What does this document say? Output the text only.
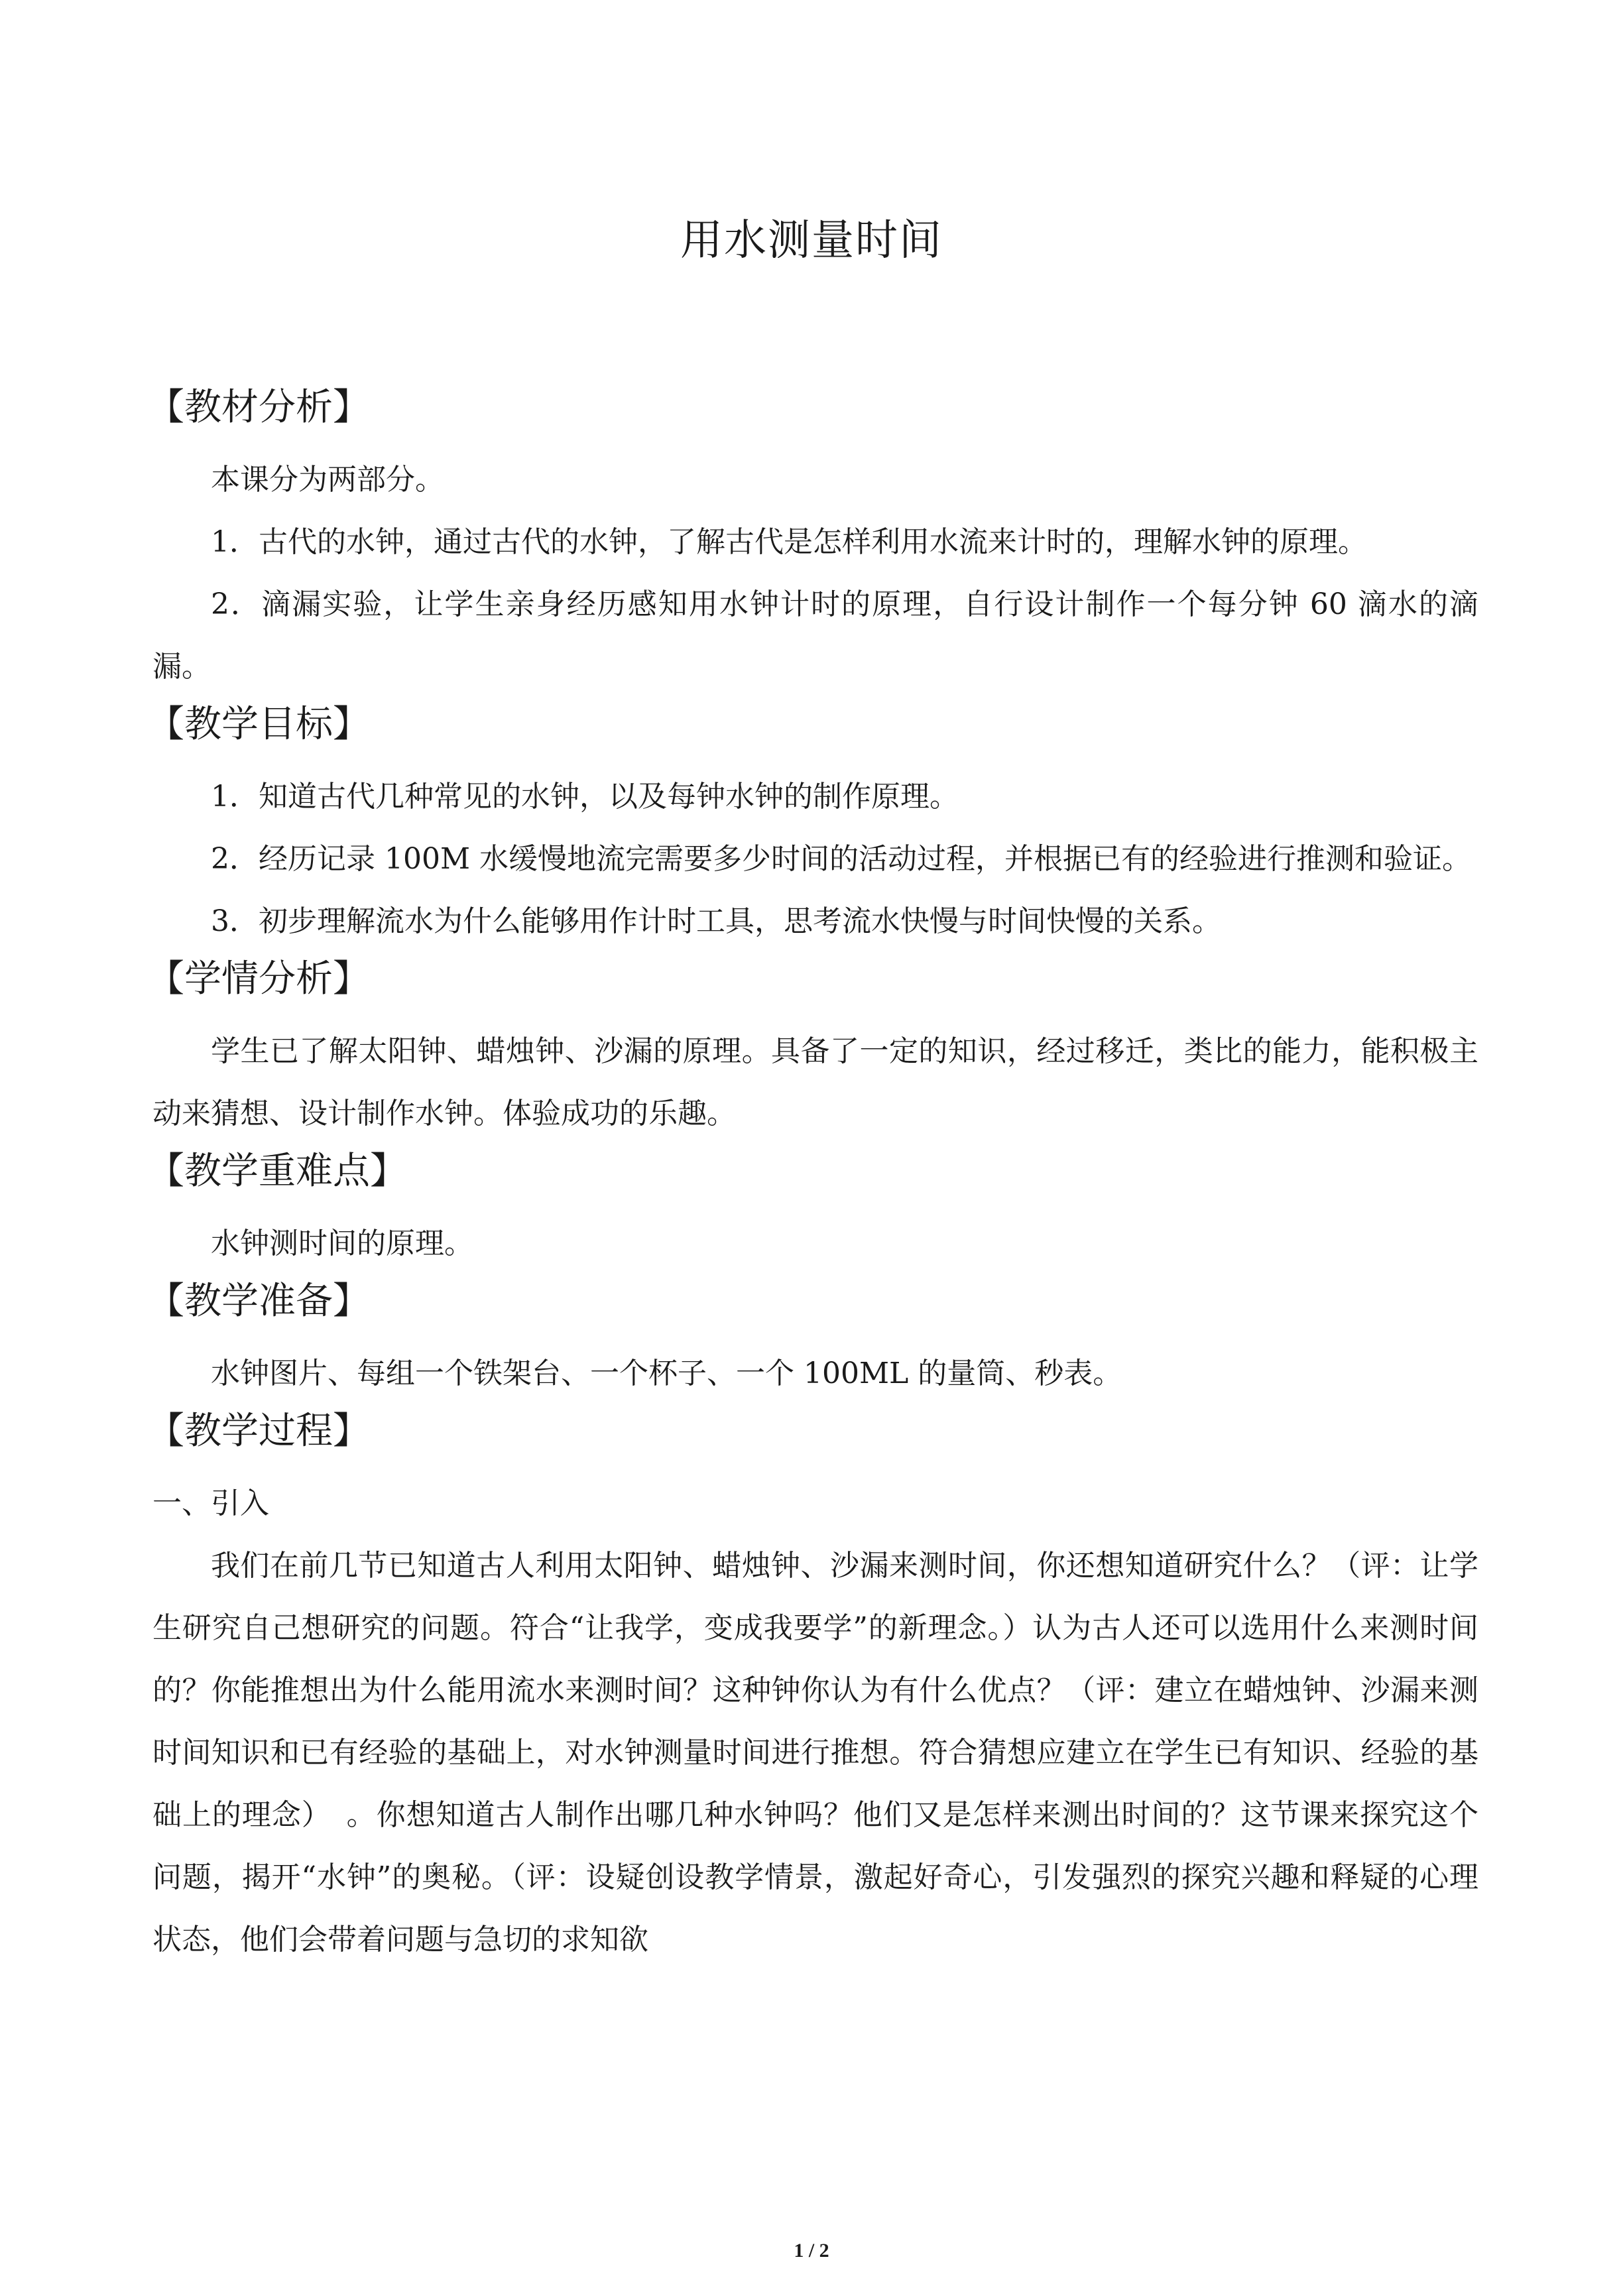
用水测量时间
【教材分析】

本课分为两部分。

1．古代的水钟，通过古代的水钟，了解古代是怎样利用水流来计时的，理解水钟的原理。

2．滴漏实验，让学生亲身经历感知用水钟计时的原理，自行设计制作一个每分钟 60 滴水的滴漏。

【教学目标】

1．知道古代几种常见的水钟，以及每钟水钟的制作原理。

2．经历记录 100M 水缓慢地流完需要多少时间的活动过程，并根据已有的经验进行推测和验证。

3．初步理解流水为什么能够用作计时工具，思考流水快慢与时间快慢的关系。

【学情分析】

学生已了解太阳钟、蜡烛钟、沙漏的原理。具备了一定的知识，经过移迁，类比的能力，能积极主动来猜想、设计制作水钟。体验成功的乐趣。

【教学重难点】

水钟测时间的原理。

【教学准备】

水钟图片、每组一个铁架台、一个杯子、一个 100ML 的量筒、秒表。

【教学过程】

一、引入

我们在前几节已知道古人利用太阳钟、蜡烛钟、沙漏来测时间，你还想知道研究什么？（评：让学生研究自己想研究的问题。符合“让我学，变成我要学”的新理念。）认为古人还可以选用什么来测时间的？你能推想出为什么能用流水来测时间？这种钟你认为有什么优点？（评：建立在蜡烛钟、沙漏来测时间知识和已有经验的基础上，对水钟测量时间进行推想。符合猜想应建立在学生已有知识、经验的基础上的理念）　。你想知道古人制作出哪几种水钟吗？他们又是怎样来测出时间的？这节课来探究这个问题，揭开“水钟”的奥秘。（评：设疑创设教学情景，激起好奇心，引发强烈的探究兴趣和释疑的心理状态，他们会带着问题与急切的求知欲

1 / 2
